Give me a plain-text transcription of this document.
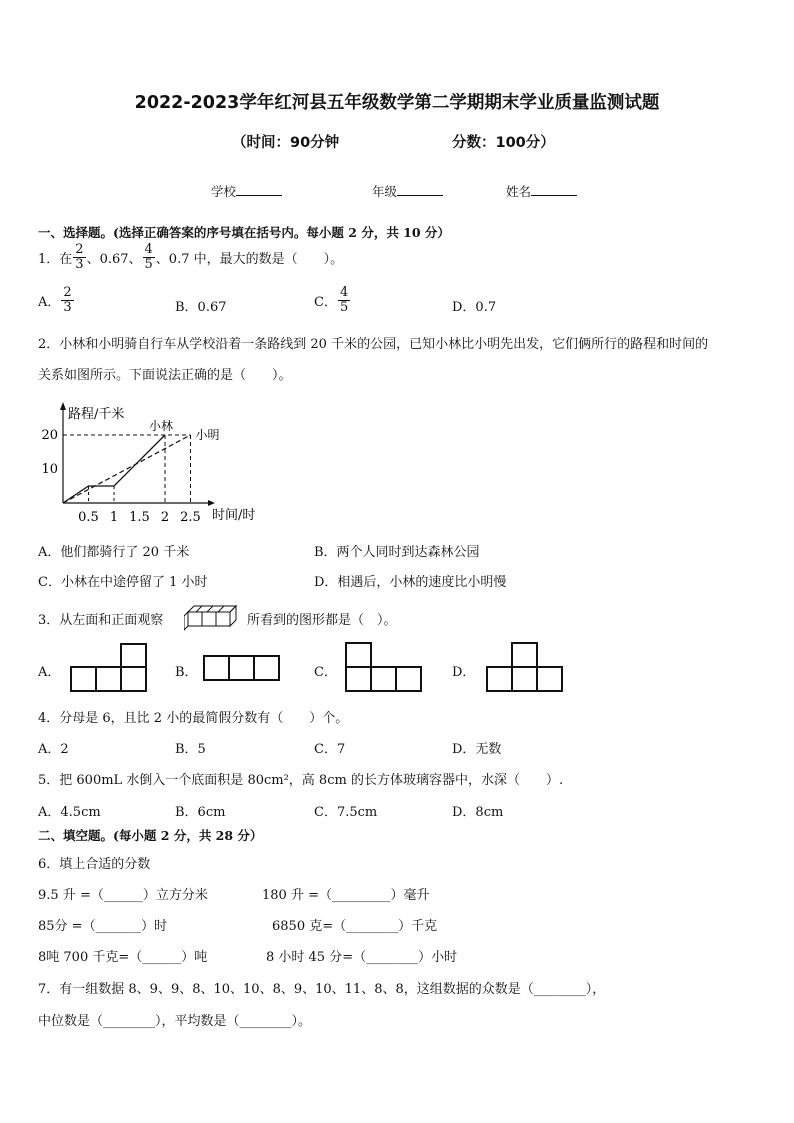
2022-2023学年红河县五年级数学第二学期期末学业质量监测试题
（时间：90分钟	分数：100分）
学校	年级	姓名
一、选择题。(选择正确答案的序号填在括号内。每小题 2 分，共 10 分）
1．在 $\frac{2}{3}$ 、0.67、 $\frac{4}{5}$ 、0.7 中，最大的数是（　　）。
A． $\frac{2}{3}$	B．0.67	C． $\frac{4}{5}$	D．0.7
2．小林和小明骑自行车从学校沿着一条路线到 20 千米的公园，已知小林比小明先出发，它们俩所行的路程和时间的
关系如图所示。下面说法正确的是（　　）。
小林
小明
0.5 1 1.5 2 2.5
10
20
路程/千米
时间/时
A．他们都骑行了 20 千米	B．两个人同时到达森林公园
C．小林在中途停留了 1 小时	D．相遇后，小林的速度比小明慢
3．从左面和正面观察	所看到的图形都是（　）。
A．	B．	C．	D．
4．分母是 6，且比 2 小的最简假分数有（　　）个。
A．2	B．5	C．7	D．无数
5．把 600mL 水倒入一个底面积是 80cm²，高 8cm 的长方体玻璃容器中，水深（　　）.
A．4.5cm	B．6cm	C．7.5cm	D．8cm
二、填空题。(每小题 2 分，共 28 分）
6．填上合适的分数
9.5 升 =（______）立方分米	180 升 =（_________）毫升
85分 =（_______）时	6850 克=（________）千克
8吨 700 千克=（______）吨	8 小时 45 分=（________）小时
7．有一组数据 8、9、9、8、10、10、8、9、10、11、8、8，这组数据的众数是（________），
中位数是（________），平均数是（________）。
